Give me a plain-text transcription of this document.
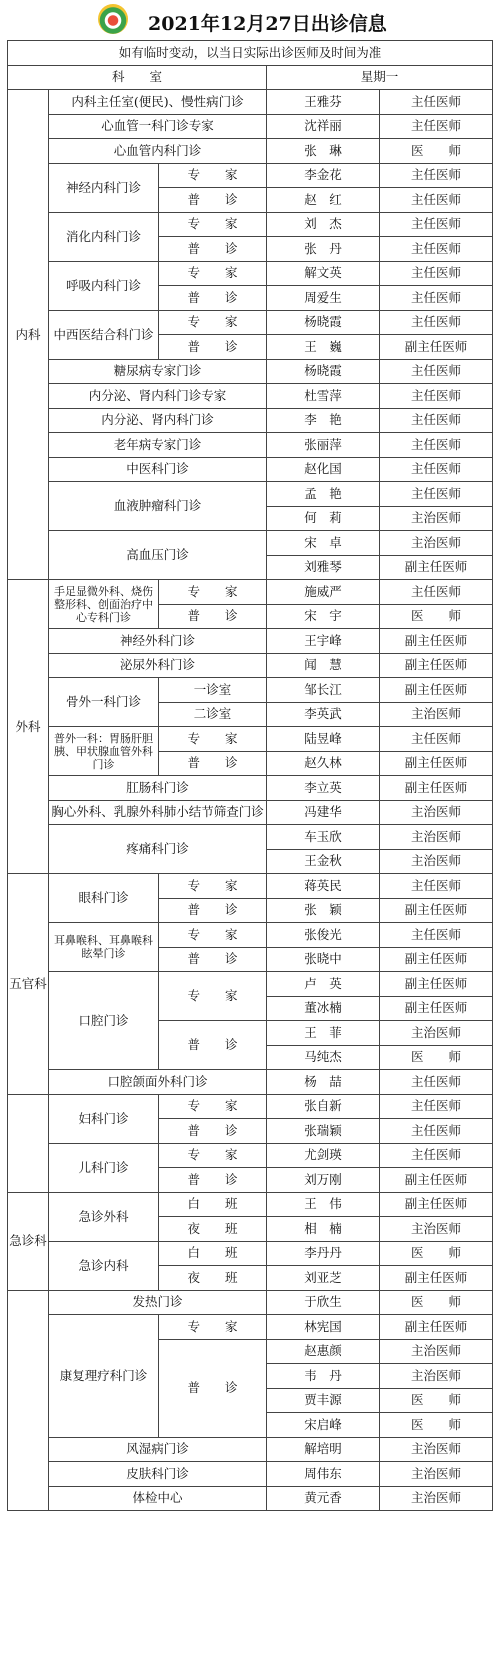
2021年12月27日出诊信息
如有临时变动，以当日实际出诊医师及时间为准				
科　　室			星期一	
内科	内科主任室(便民)、慢性病门诊		王雅芬	主任医师
	心血管一科门诊专家		沈祥丽	主任医师
	心血管内科门诊		张　琳	医　　师
	神经内科门诊	专　　家	李金花	主任医师
		普　　诊	赵　红	主任医师
	消化内科门诊	专　　家	刘　杰	主任医师
		普　　诊	张　丹	主任医师
	呼吸内科门诊	专　　家	解文英	主任医师
		普　　诊	周爱生	主任医师
	中西医结合科门诊	专　　家	杨晓霞	主任医师
		普　　诊	王　巍	副主任医师
	糖尿病专家门诊		杨晓霞	主任医师
	内分泌、肾内科门诊专家		杜雪萍	主任医师
	内分泌、肾内科门诊		李　艳	主任医师
	老年病专家门诊		张丽萍	主任医师
	中医科门诊		赵化国	主任医师
	血液肿瘤科门诊		孟　艳	主任医师
			何　莉	主治医师
	高血压门诊		宋　卓	主治医师
			刘雅琴	副主任医师
外科	手足显微外科、烧伤整形科、创面治疗中心专科门诊	专　　家	施威严	主任医师
		普　　诊	宋　宇	医　　师
	神经外科门诊		王宇峰	副主任医师
	泌尿外科门诊		闻　慧	副主任医师
	骨外一科门诊	一诊室	邹长江	副主任医师
		二诊室	李英武	主治医师
	普外一科：胃肠肝胆胰、甲状腺血管外科门诊	专　　家	陆昱峰	主任医师
		普　　诊	赵久林	副主任医师
	肛肠科门诊		李立英	副主任医师
	胸心外科、乳腺外科肺小结节筛查门诊		冯建华	主治医师
	疼痛科门诊		车玉欣	主治医师
			王金秋	主治医师
五官科	眼科门诊	专　　家	蒋英民	主任医师
		普　　诊	张　颖	副主任医师
	耳鼻喉科、耳鼻喉科眩晕门诊	专　　家	张俊光	主任医师
		普　　诊	张晓中	副主任医师
	口腔门诊	专　　家	卢　英	副主任医师
			董冰楠	副主任医师
		普　　诊	王　菲	主治医师
			马纯杰	医　　师
	口腔颌面外科门诊		杨　喆	主任医师
	妇科门诊	专　　家	张自新	主任医师
		普　　诊	张瑞颖	主任医师
	儿科门诊	专　　家	尤剑瑛	主任医师
		普　　诊	刘万刚	副主任医师
急诊科	急诊外科	白　　班	王　伟	副主任医师
		夜　　班	相　楠	主治医师
	急诊内科	白　　班	李丹丹	医　　师
		夜　　班	刘亚芝	副主任医师
	发热门诊		于欣生	医　　师
	康复理疗科门诊	专　　家	林宪国	副主任医师
		普　　诊	赵惠颜	主治医师
			韦　丹	主治医师
			贾丰源	医　　师
			宋启峰	医　　师
	风湿病门诊		解培明	主治医师
	皮肤科门诊		周伟东	主治医师
	体检中心		黄元香	主治医师
